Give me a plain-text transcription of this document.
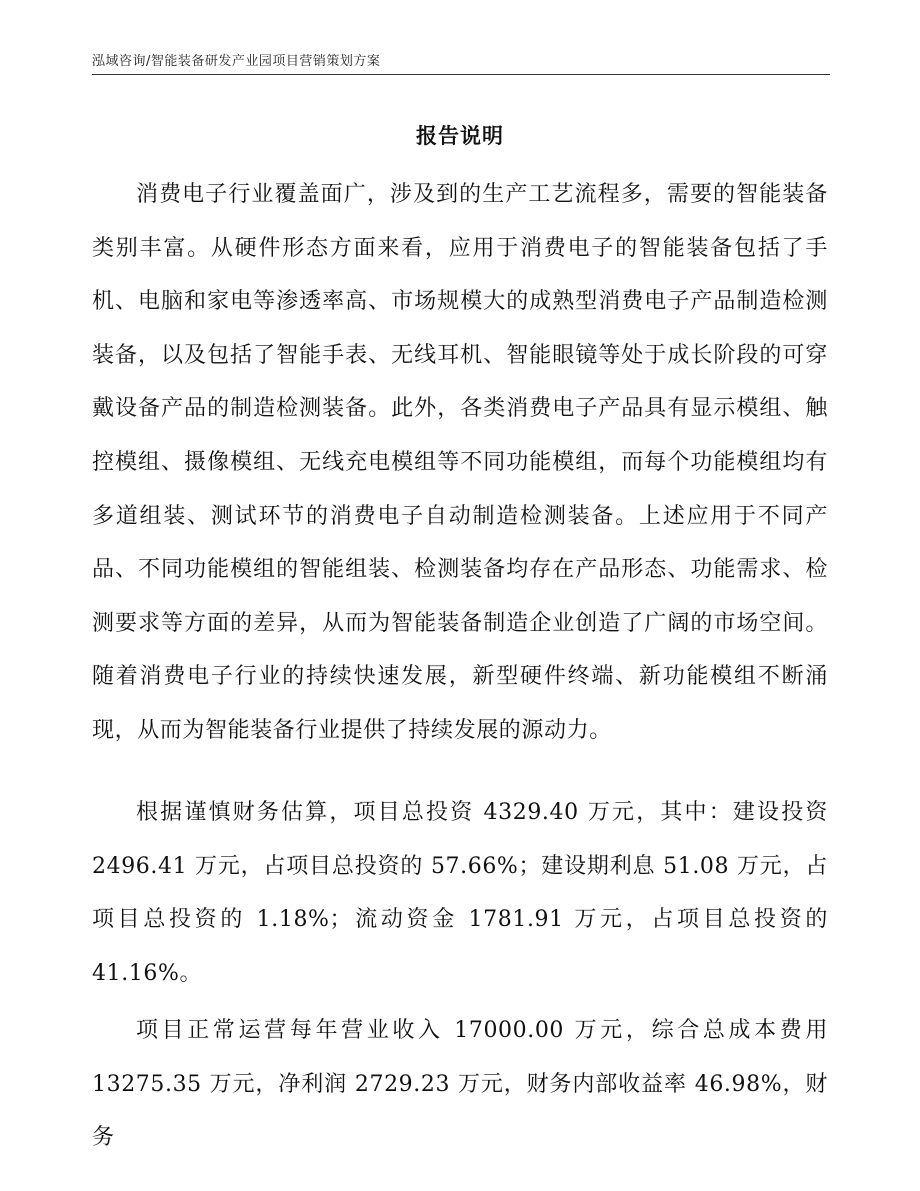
泓域咨询/智能装备研发产业园项目营销策划方案
报告说明

消费电子行业覆盖面广，涉及到的生产工艺流程多，需要的智能装备类别丰富。从硬件形态方面来看，应用于消费电子的智能装备包括了手机、电脑和家电等渗透率高、市场规模大的成熟型消费电子产品制造检测装备，以及包括了智能手表、无线耳机、智能眼镜等处于成长阶段的可穿戴设备产品的制造检测装备。此外，各类消费电子产品具有显示模组、触控模组、摄像模组、无线充电模组等不同功能模组，而每个功能模组均有多道组装、测试环节的消费电子自动制造检测装备。上述应用于不同产品、不同功能模组的智能组装、检测装备均存在产品形态、功能需求、检测要求等方面的差异，从而为智能装备制造企业创造了广阔的市场空间。随着消费电子行业的持续快速发展，新型硬件终端、新功能模组不断涌现，从而为智能装备行业提供了持续发展的源动力。

根据谨慎财务估算，项目总投资 4329.40 万元，其中：建设投资 2496.41 万元，占项目总投资的 57.66%；建设期利息 51.08 万元，占项目总投资的 1.18%；流动资金 1781.91 万元，占项目总投资的 41.16%。

项目正常运营每年营业收入 17000.00 万元，综合总成本费用 13275.35 万元，净利润 2729.23 万元，财务内部收益率 46.98%，财务
